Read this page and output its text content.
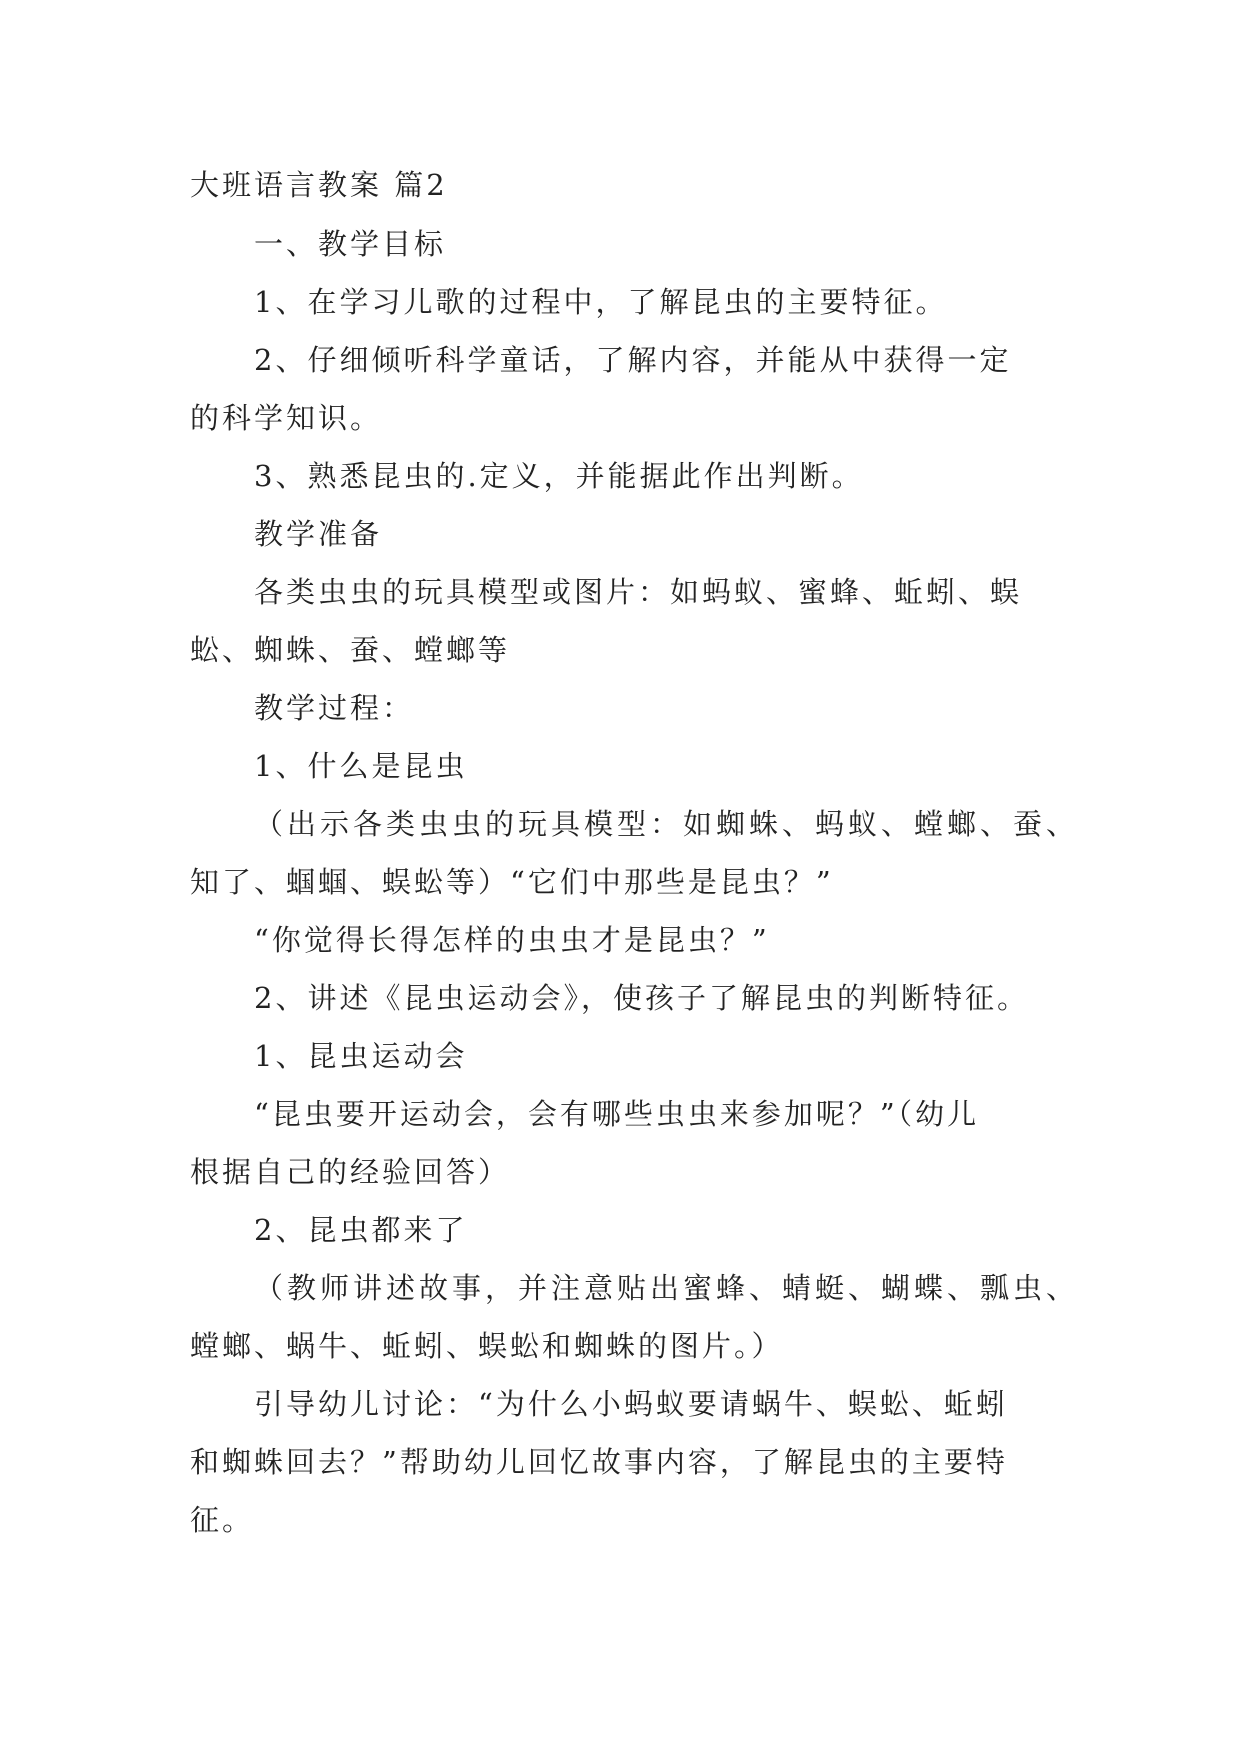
大班语言教案 篇2
一、教学目标
1、在学习儿歌的过程中，了解昆虫的主要特征。
2、仔细倾听科学童话，了解内容，并能从中获得一定
的科学知识。
3、熟悉昆虫的.定义，并能据此作出判断。
教学准备
各类虫虫的玩具模型或图片：如蚂蚁、蜜蜂、蚯蚓、蜈
蚣、蜘蛛、蚕、螳螂等
教学过程：
1、什么是昆虫
（出示各类虫虫的玩具模型：如蜘蛛、蚂蚁、螳螂、蚕、
知了、蝈蝈、蜈蚣等）“它们中那些是昆虫？”
“你觉得长得怎样的虫虫才是昆虫？”
2、讲述《昆虫运动会》，使孩子了解昆虫的判断特征。
1、昆虫运动会
“昆虫要开运动会，会有哪些虫虫来参加呢？”（幼儿
根据自己的经验回答）
2、昆虫都来了
（教师讲述故事，并注意贴出蜜蜂、蜻蜓、蝴蝶、瓢虫、
螳螂、蜗牛、蚯蚓、蜈蚣和蜘蛛的图片。）
引导幼儿讨论：“为什么小蚂蚁要请蜗牛、蜈蚣、蚯蚓
和蜘蛛回去？”帮助幼儿回忆故事内容，了解昆虫的主要特
征。
